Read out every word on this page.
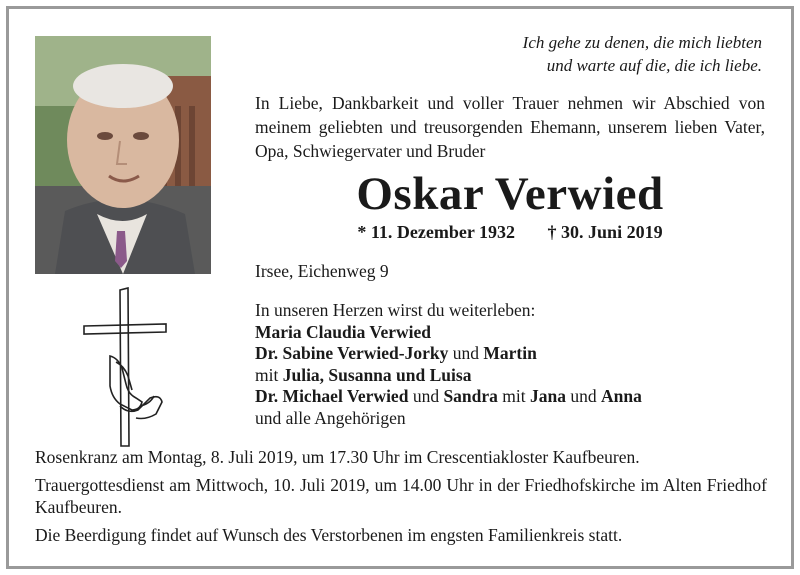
Ich gehe zu denen, die mich liebten
und warte auf die, die ich liebe.
In Liebe, Dankbarkeit und voller Trauer nehmen wir Abschied von meinem geliebten und treusorgenden Ehemann, unserem lieben Vater, Opa, Schwiegervater und Bruder
Oskar Verwied
* 11. Dezember 1932 † 30. Juni 2019
Irsee, Eichenweg 9
In unseren Herzen wirst du weiterleben:
Maria Claudia Verwied
Dr. Sabine Verwied-Jorky und Martin
mit Julia, Susanna und Luisa
Dr. Michael Verwied und Sandra mit Jana und Anna
und alle Angehörigen

Rosenkranz am Montag, 8. Juli 2019, um 17.30 Uhr im Crescentiakloster Kaufbeuren.

Trauergottesdienst am Mittwoch, 10. Juli 2019, um 14.00 Uhr in der Friedhofskirche im Alten Friedhof Kaufbeuren.

Die Beerdigung findet auf Wunsch des Verstorbenen im engsten Familienkreis statt.
